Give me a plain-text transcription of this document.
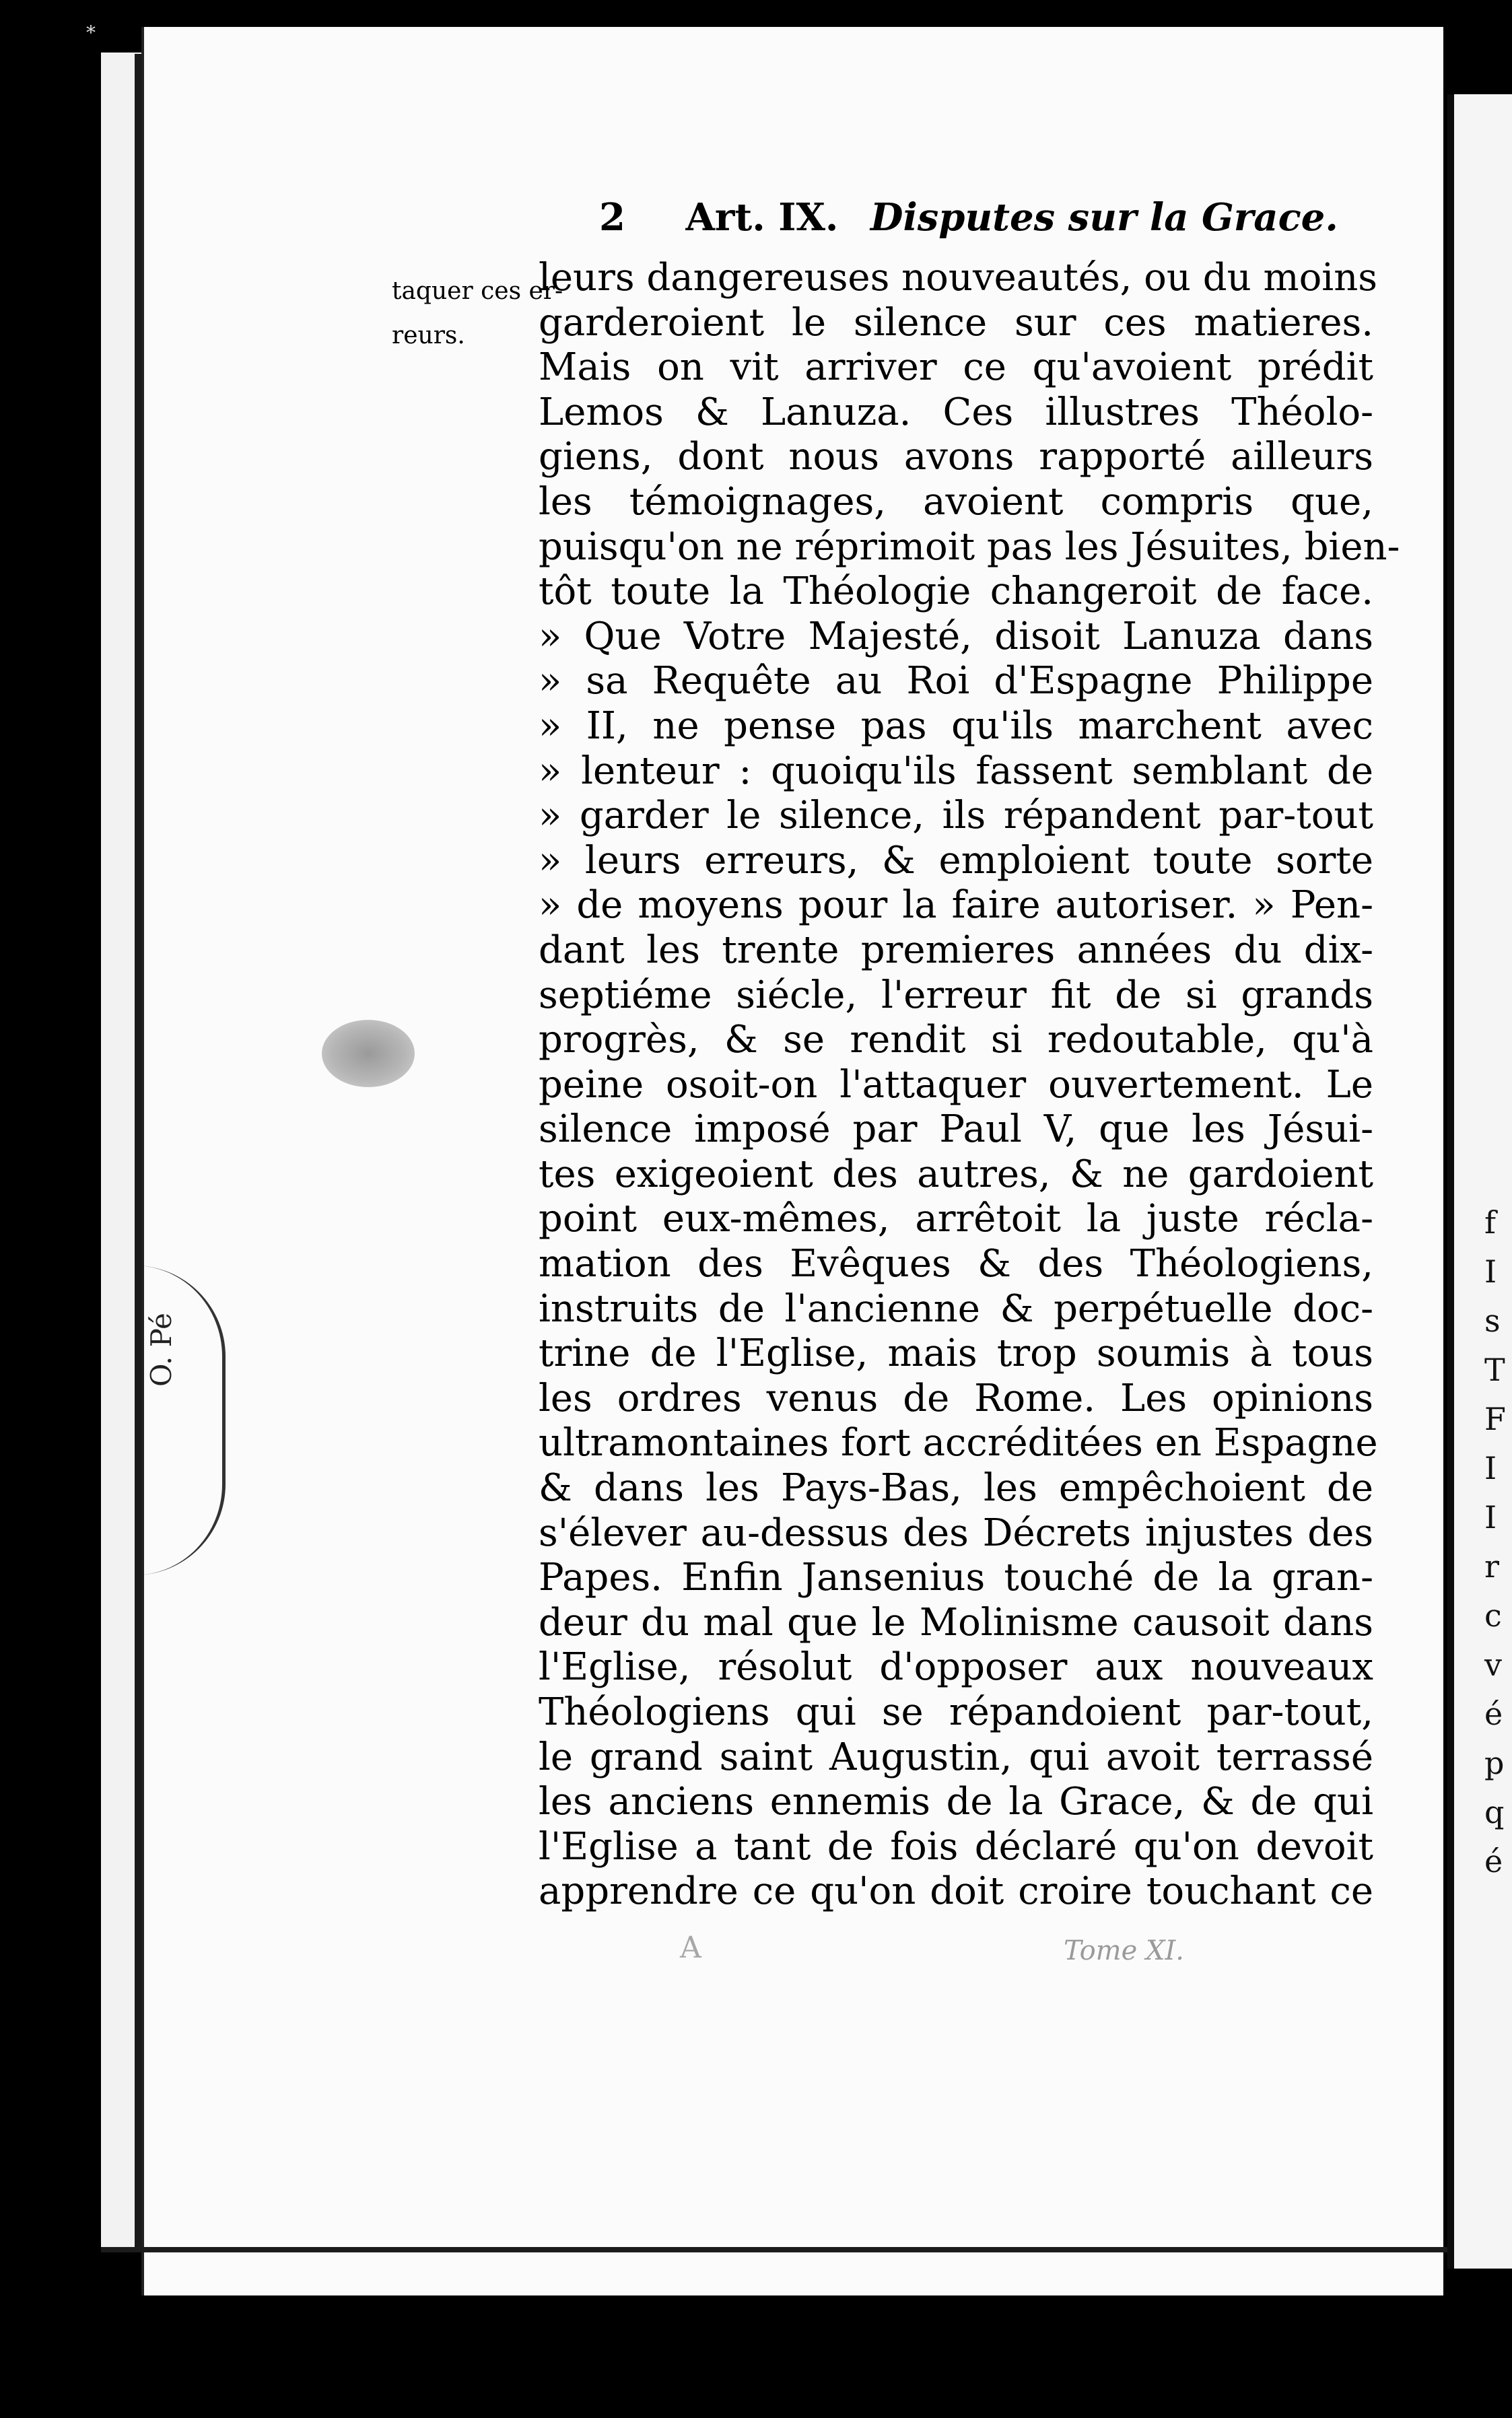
*
f
I
s
T
F
I
I
r
c
v
é
p
q
é
O. Pé
2 Art. IX. Disputes sur la Grace.
taquer ces er-
reurs.
leurs dangereuses nouveautés, ou du moins
garderoient le silence sur ces matieres.
Mais on vit arriver ce qu'avoient prédit
Lemos & Lanuza. Ces illustres Théolo-
giens, dont nous avons rapporté ailleurs
les témoignages, avoient compris que,
puisqu'on ne réprimoit pas les Jésuites, bien-
tôt toute la Théologie changeroit de face.
» Que Votre Majesté, disoit Lanuza dans
» sa Requête au Roi d'Espagne Philippe
» II, ne pense pas qu'ils marchent avec
» lenteur : quoiqu'ils fassent semblant de
» garder le silence, ils répandent par-tout
» leurs erreurs, & emploient toute sorte
» de moyens pour la faire autoriser. » Pen-
dant les trente premieres années du dix-
septiéme siécle, l'erreur fit de si grands
progrès, & se rendit si redoutable, qu'à
peine osoit-on l'attaquer ouvertement. Le
silence imposé par Paul V, que les Jésui-
tes exigeoient des autres, & ne gardoient
point eux-mêmes, arrêtoit la juste récla-
mation des Evêques & des Théologiens,
instruits de l'ancienne & perpétuelle doc-
trine de l'Eglise, mais trop soumis à tous
les ordres venus de Rome. Les opinions
ultramontaines fort accréditées en Espagne
& dans les Pays-Bas, les empêchoient de
s'élever au-dessus des Décrets injustes des
Papes. Enfin Jansenius touché de la gran-
deur du mal que le Molinisme causoit dans
l'Eglise, résolut d'opposer aux nouveaux
Théologiens qui se répandoient par-tout,
le grand saint Augustin, qui avoit terrassé
les anciens ennemis de la Grace, & de qui
l'Eglise a tant de fois déclaré qu'on devoit
apprendre ce qu'on doit croire touchant ce
A	Tome XI.
